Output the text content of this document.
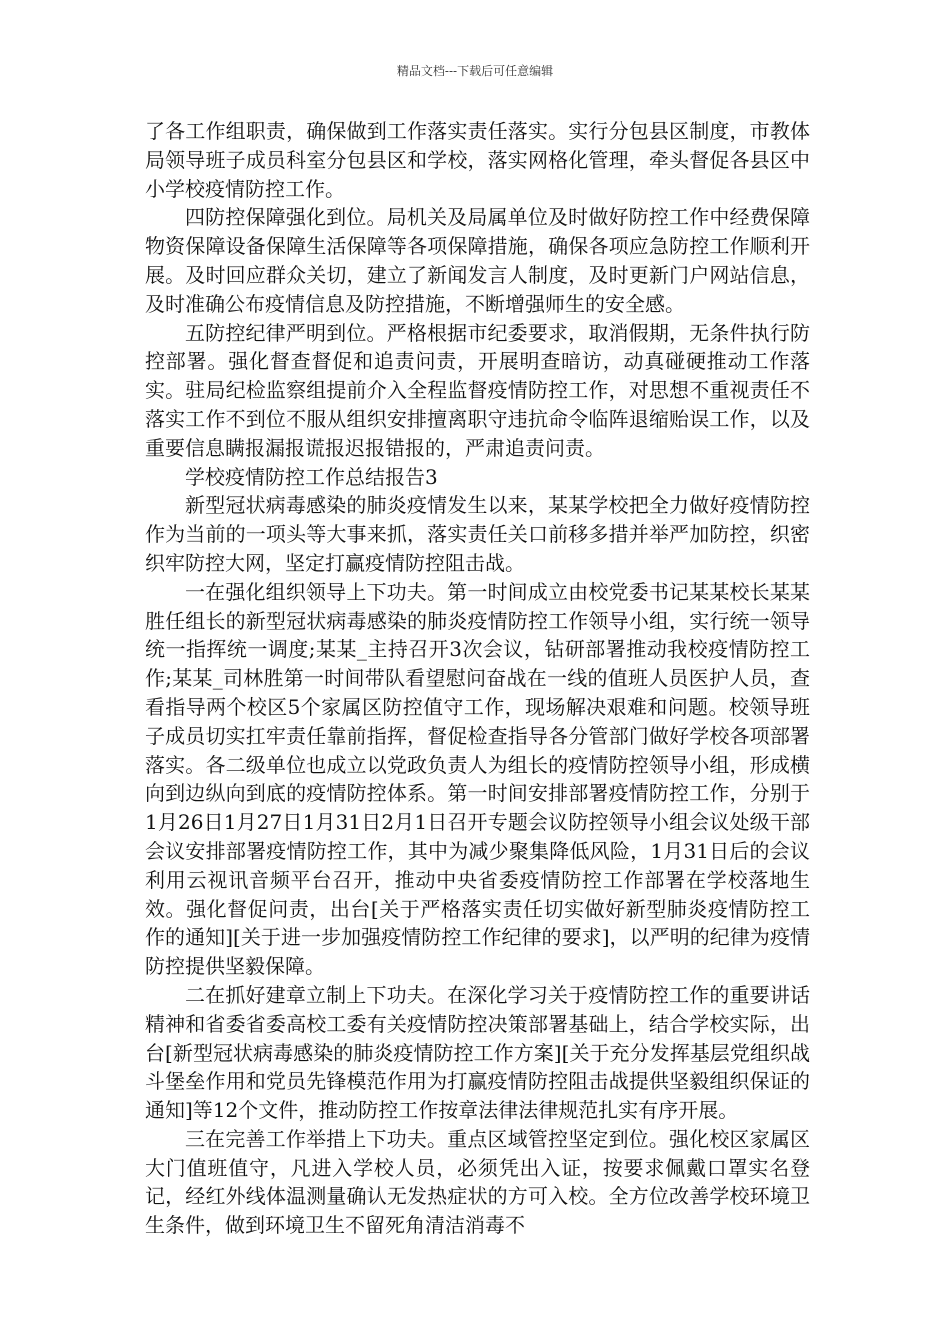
精品文档---下载后可任意编辑

了各工作组职责，确保做到工作落实责任落实。实行分包县区制度，市教体局领导班子成员科室分包县区和学校，落实网格化管理，牵头督促各县区中小学校疫情防控工作。

四防控保障强化到位。局机关及局属单位及时做好防控工作中经费保障物资保障设备保障生活保障等各项保障措施，确保各项应急防控工作顺利开展。及时回应群众关切，建立了新闻发言人制度，及时更新门户网站信息，及时准确公布疫情信息及防控措施，不断增强师生的安全感。

五防控纪律严明到位。严格根据市纪委要求，取消假期，无条件执行防控部署。强化督查督促和追责问责，开展明查暗访，动真碰硬推动工作落实。驻局纪检监察组提前介入全程监督疫情防控工作，对思想不重视责任不落实工作不到位不服从组织安排擅离职守违抗命令临阵退缩贻误工作，以及重要信息瞒报漏报谎报迟报错报的，严肃追责问责。

学校疫情防控工作总结报告3

新型冠状病毒感染的肺炎疫情发生以来，某某学校把全力做好疫情防控作为当前的一项头等大事来抓，落实责任关口前移多措并举严加防控，织密织牢防控大网，坚定打赢疫情防控阻击战。

一在强化组织领导上下功夫。第一时间成立由校党委书记某某校长某某胜任组长的新型冠状病毒感染的肺炎疫情防控工作领导小组，实行统一领导统一指挥统一调度;某某_主持召开3次会议，钻研部署推动我校疫情防控工作;某某_司林胜第一时间带队看望慰问奋战在一线的值班人员医护人员，查看指导两个校区5个家属区防控值守工作，现场解决艰难和问题。校领导班子成员切实扛牢责任靠前指挥，督促检查指导各分管部门做好学校各项部署落实。各二级单位也成立以党政负责人为组长的疫情防控领导小组，形成横向到边纵向到底的疫情防控体系。第一时间安排部署疫情防控工作，分别于1月26日1月27日1月31日2月1日召开专题会议防控领导小组会议处级干部会议安排部署疫情防控工作，其中为减少聚集降低风险，1月31日后的会议利用云视讯音频平台召开，推动中央省委疫情防控工作部署在学校落地生效。强化督促问责，出台[关于严格落实责任切实做好新型肺炎疫情防控工作的通知][关于进一步加强疫情防控工作纪律的要求]，以严明的纪律为疫情防控提供坚毅保障。

二在抓好建章立制上下功夫。在深化学习关于疫情防控工作的重要讲话精神和省委省委高校工委有关疫情防控决策部署基础上，结合学校实际，出台[新型冠状病毒感染的肺炎疫情防控工作方案][关于充分发挥基层党组织战斗堡垒作用和党员先锋模范作用为打赢疫情防控阻击战提供坚毅组织保证的通知]等12个文件，推动防控工作按章法律法律规范扎实有序开展。

三在完善工作举措上下功夫。重点区域管控坚定到位。强化校区家属区大门值班值守，凡进入学校人员，必须凭出入证，按要求佩戴口罩实名登记，经红外线体温测量确认无发热症状的方可入校。全方位改善学校环境卫生条件，做到环境卫生不留死角清洁消毒不
